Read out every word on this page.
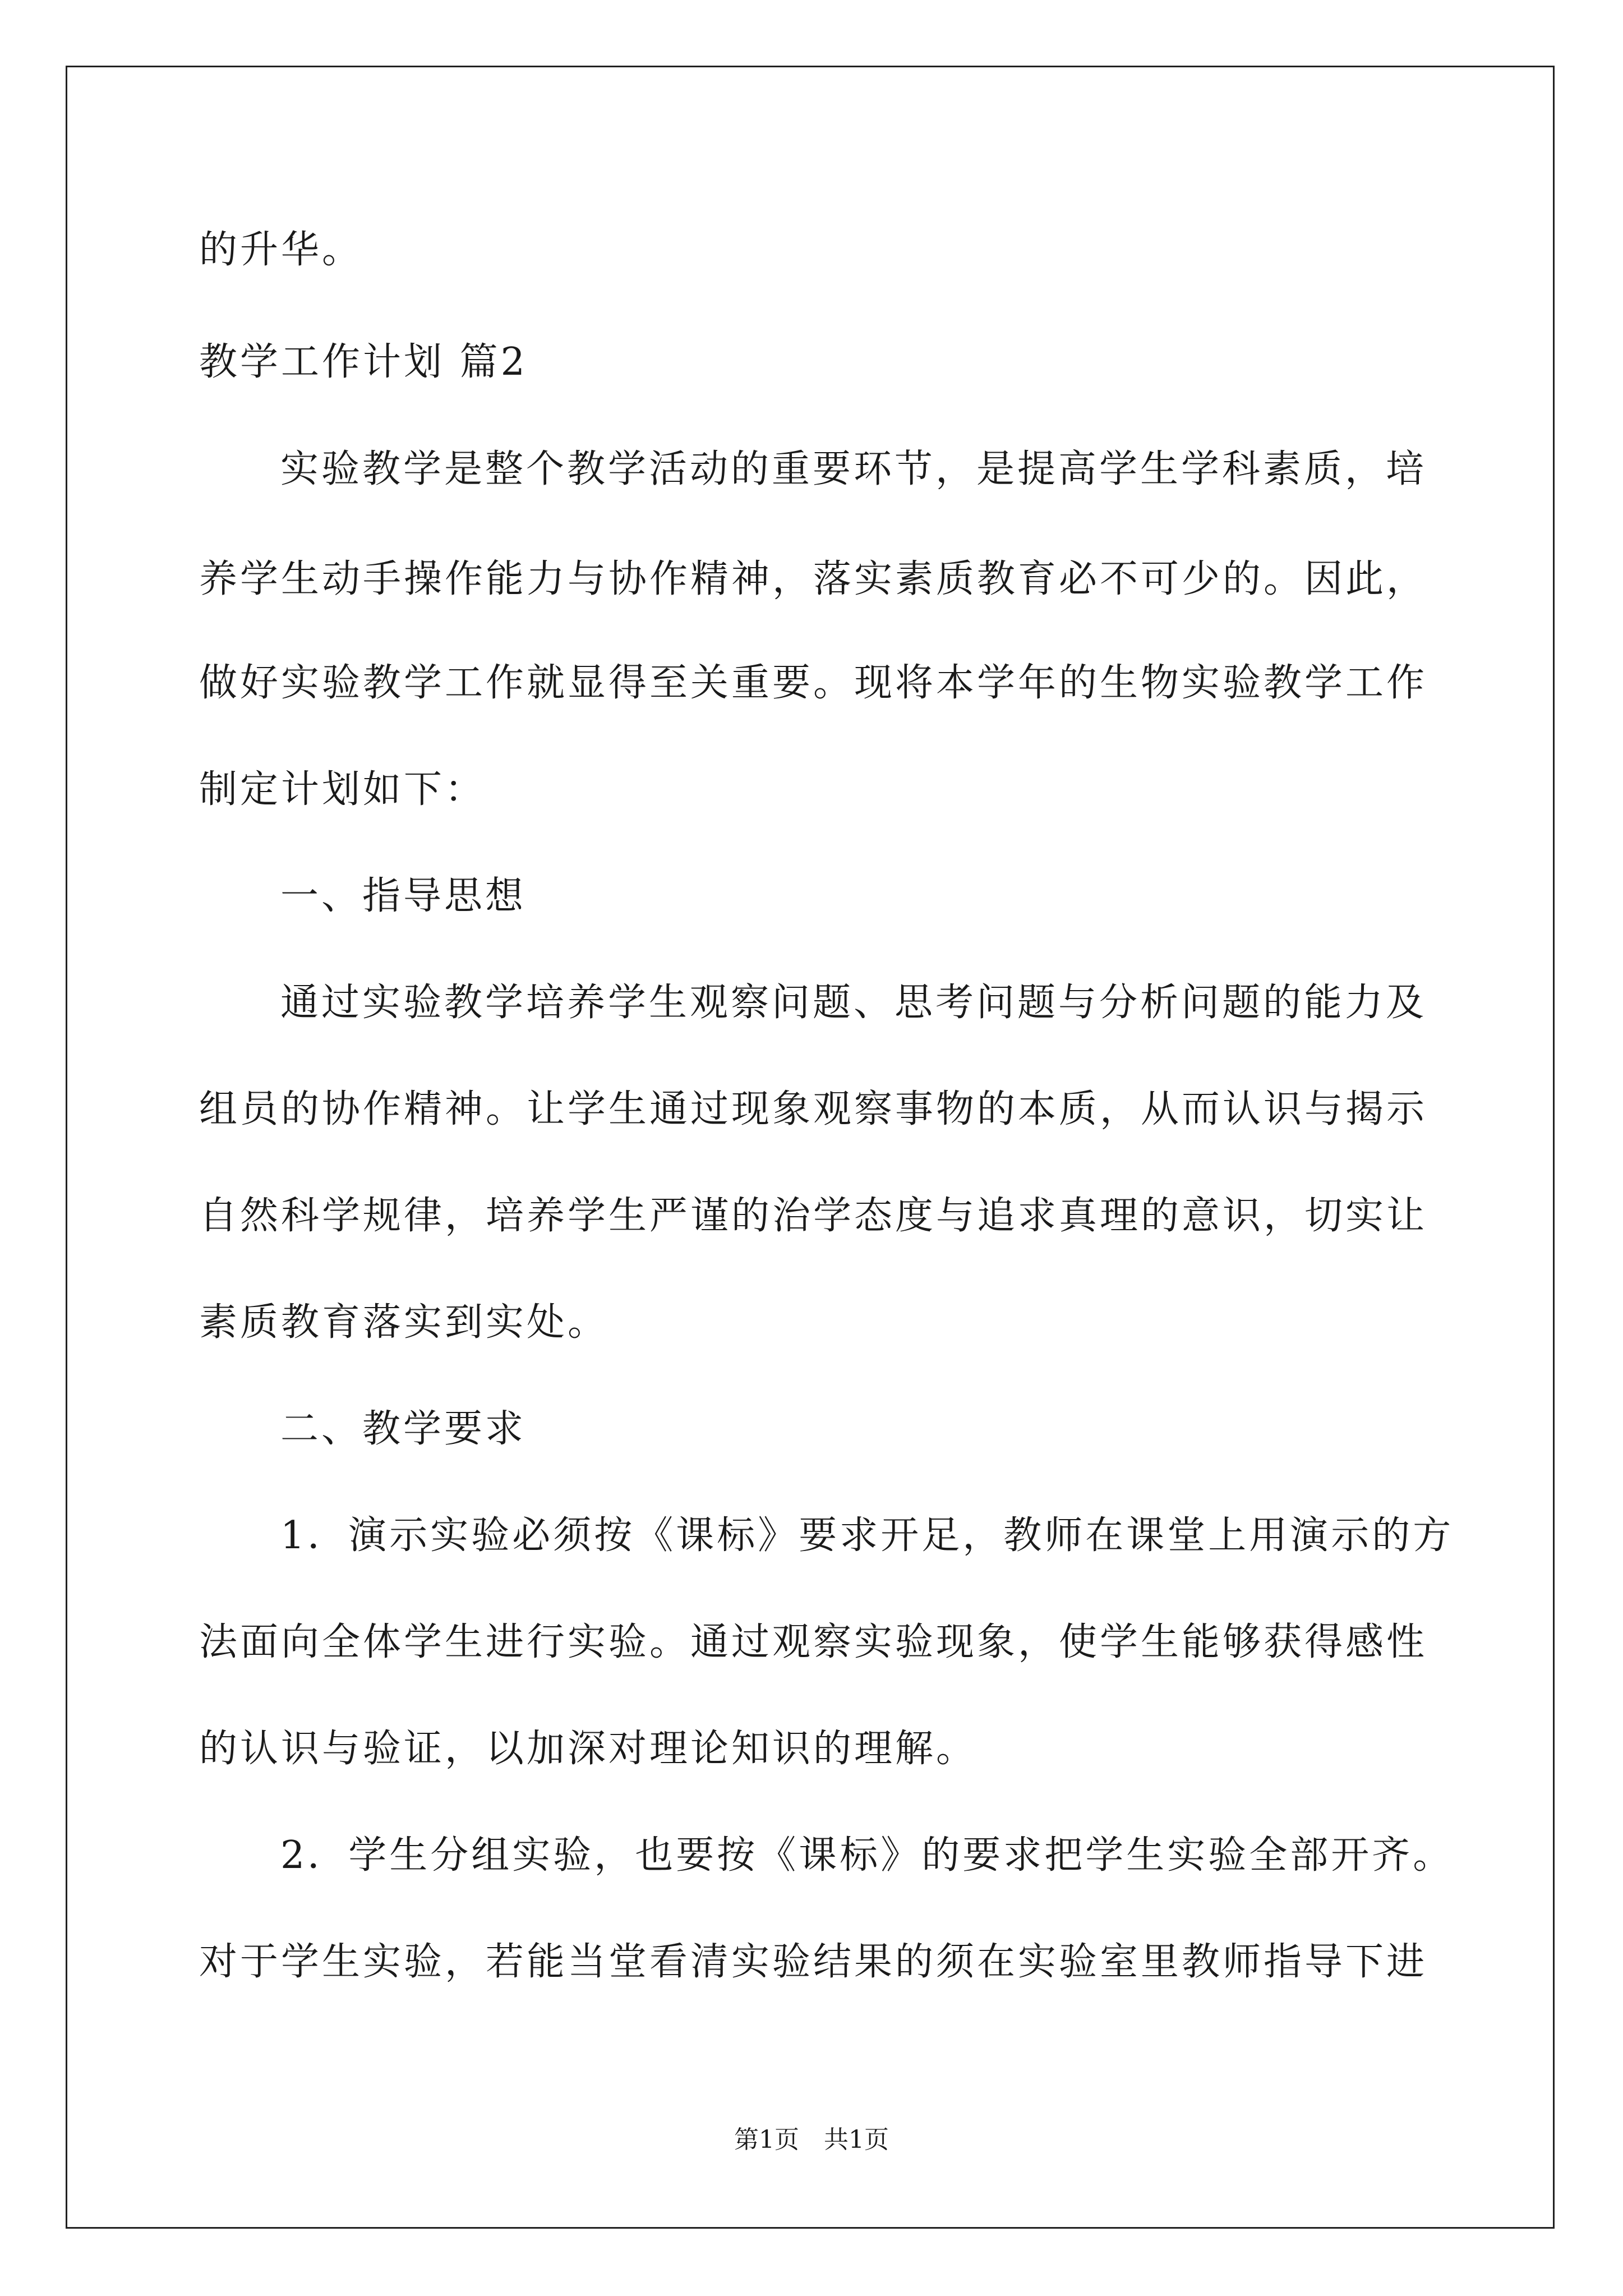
的升华。
教学工作计划 篇2
实验教学是整个教学活动的重要环节，是提高学生学科素质，培
养学生动手操作能力与协作精神，落实素质教育必不可少的。因此，
做好实验教学工作就显得至关重要。现将本学年的生物实验教学工作
制定计划如下：
一、指导思想
通过实验教学培养学生观察问题、思考问题与分析问题的能力及
组员的协作精神。让学生通过现象观察事物的本质，从而认识与揭示
自然科学规律，培养学生严谨的治学态度与追求真理的意识，切实让
素质教育落实到实处。
二、教学要求
1．演示实验必须按《课标》要求开足，教师在课堂上用演示的方
法面向全体学生进行实验。通过观察实验现象，使学生能够获得感性
的认识与验证，以加深对理论知识的理解。
2．学生分组实验，也要按《课标》的要求把学生实验全部开齐。
对于学生实验，若能当堂看清实验结果的须在实验室里教师指导下进
第1页　共1页
